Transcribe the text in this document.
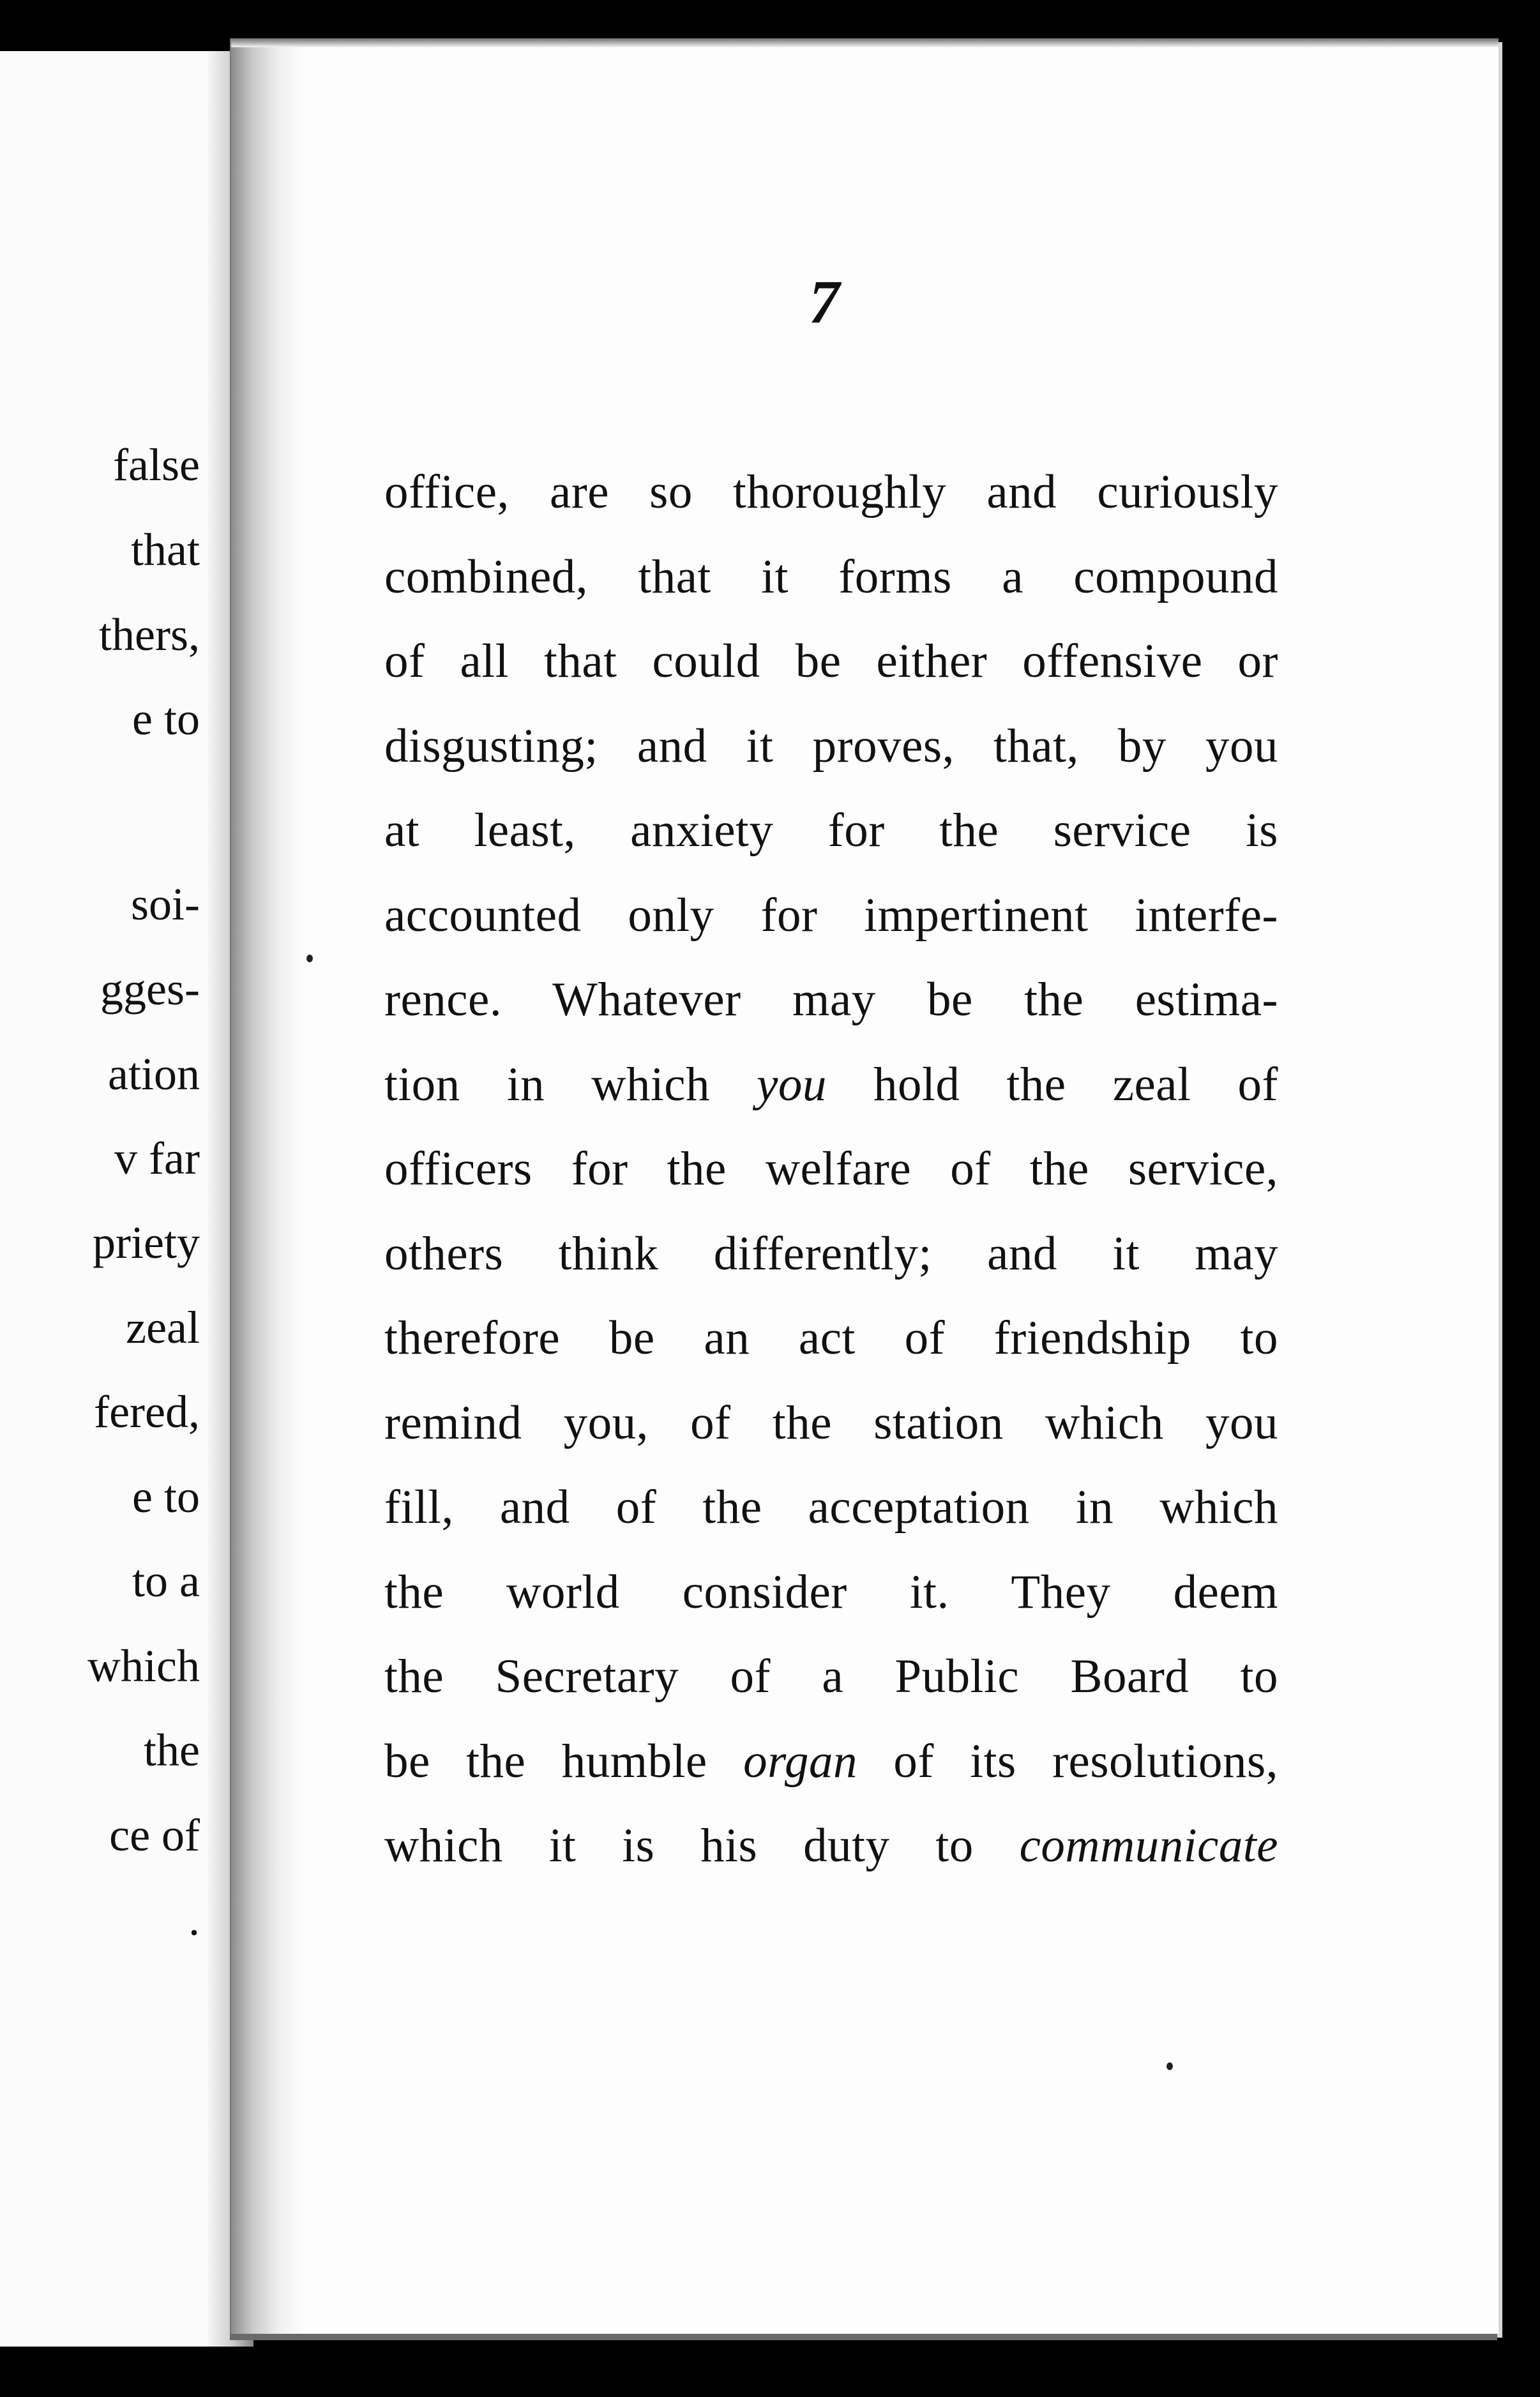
false
that
thers,
e to
soi-
gges-
ation
v far
priety
zeal
fered,
e to
to a
which
the
ce of
.
7
office, are so thoroughly and curiously
combined, that it forms a compound
of all that could be either offensive or
disgusting; and it proves, that, by you
at least, anxiety for the service is
accounted only for impertinent interfe-
rence. Whatever may be the estima-
tion in which you hold the zeal of
officers for the welfare of the service,
others think differently; and it may
therefore be an act of friendship to
remind you, of the station which you
fill, and of the acceptation in which
the world consider it. They deem
the Secretary of a Public Board to
be the humble organ of its resolutions,
which it is his duty to communicate
